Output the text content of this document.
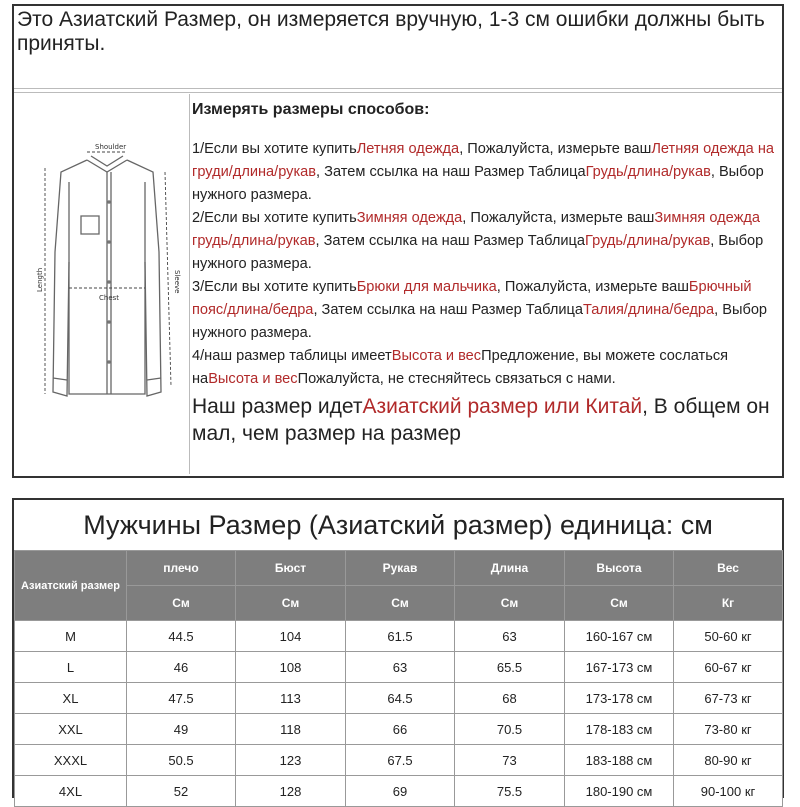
Это Азиатский Размер, он измеряется вручную, 1-3 см ошибки должны быть приняты.
Shoulder
Length
Chest
Sleeve
Измерять размеры способов:

1/Если вы хотите купитьЛетняя одежда, Пожалуйста, измерьте вашЛетняя одежда на груди/длина/рукав, Затем ссылка на наш Размер ТаблицаГрудь/длина/рукав, Выбор нужного размера.

2/Если вы хотите купитьЗимняя одежда, Пожалуйста, измерьте вашЗимняя одежда грудь/длина/рукав, Затем ссылка на наш Размер ТаблицаГрудь/длина/рукав, Выбор нужного размера.

3/Если вы хотите купитьБрюки для мальчика, Пожалуйста, измерьте вашБрючный пояс/длина/бедра, Затем ссылка на наш Размер ТаблицаТалия/длина/бедра, Выбор нужного размера.

4/наш размер таблицы имеетВысота и весПредложение, вы можете сослаться наВысота и весПожалуйста, не стесняйтесь связаться с нами.

Наш размер идетАзиатский размер или Китай, В общем он мал, чем размер на размер
Мужчины Размер (Азиатский размер) единица: см
Азиатский размер	плечо	Бюст	Рукав	Длина	Высота	Вес
	См	См	См	См	См	Кг
M	44.5	104	61.5	63	160-167 см	50-60 кг
L	46	108	63	65.5	167-173 см	60-67 кг
XL	47.5	113	64.5	68	173-178 см	67-73 кг
XXL	49	118	66	70.5	178-183 см	73-80 кг
XXXL	50.5	123	67.5	73	183-188 см	80-90 кг
4XL	52	128	69	75.5	180-190 см	90-100 кг
